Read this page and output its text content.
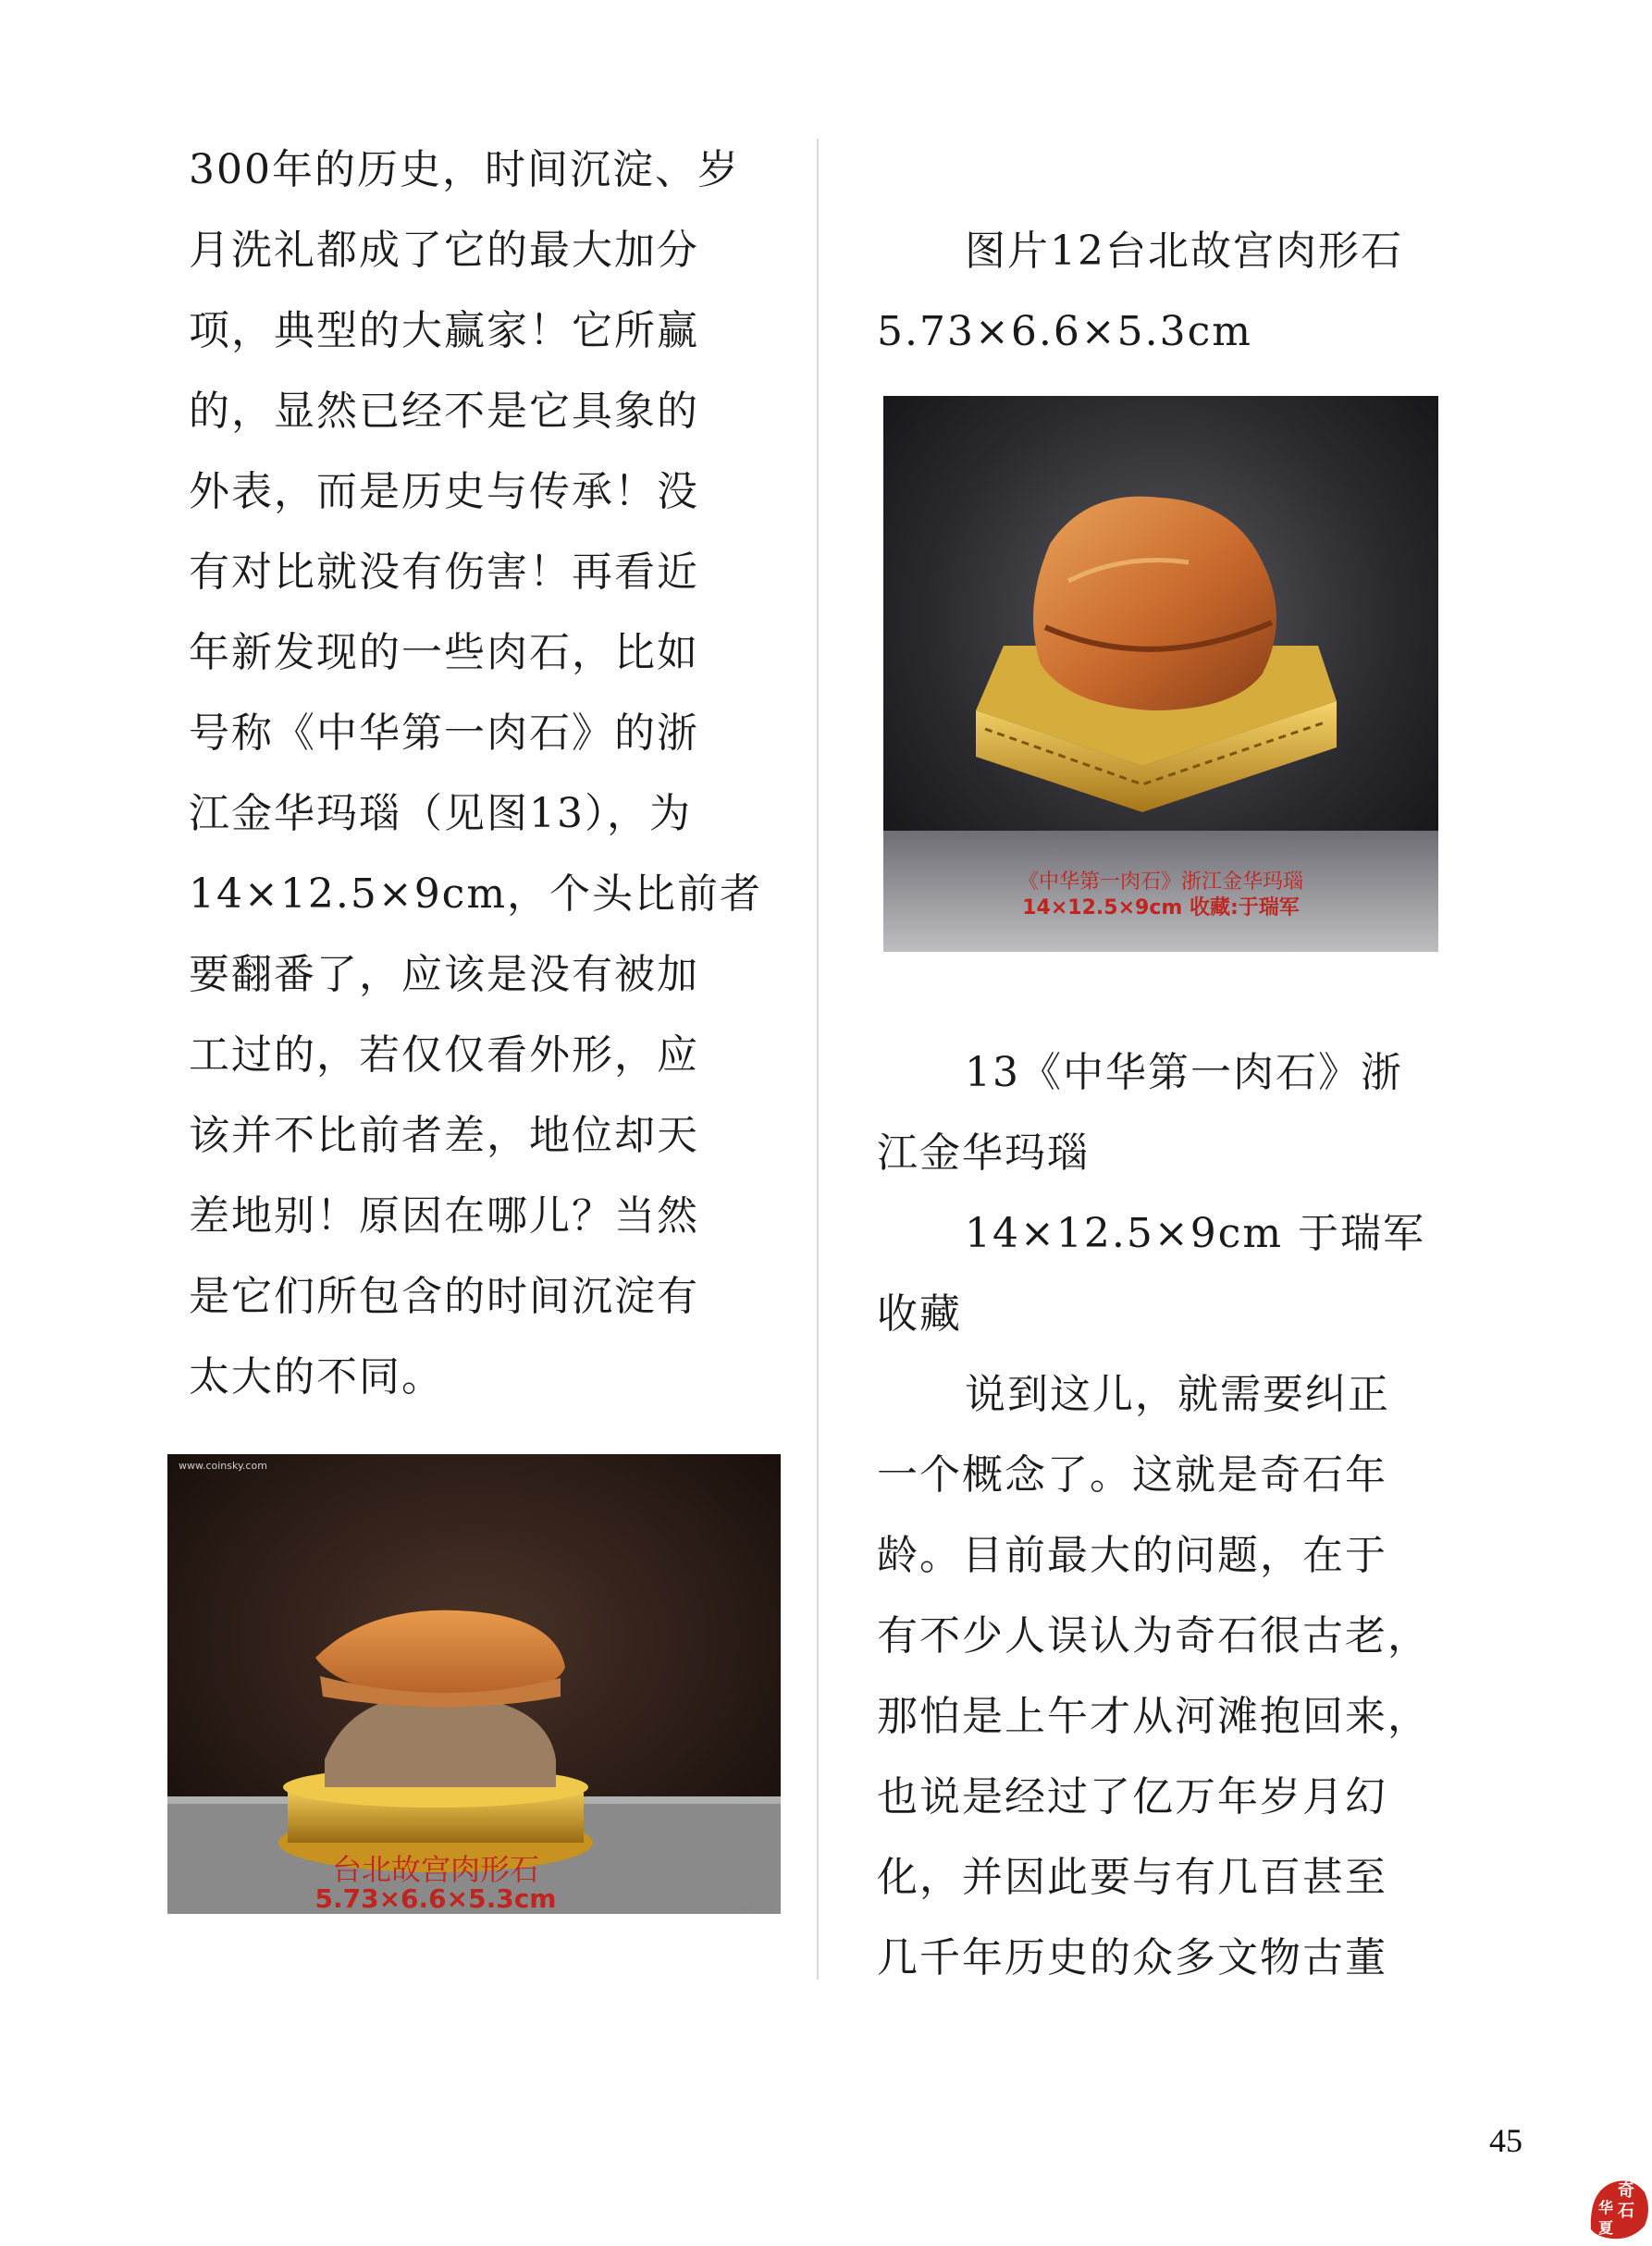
300年的历史，时间沉淀、岁
月洗礼都成了它的最大加分
项，典型的大赢家！它所赢
的，显然已经不是它具象的
外表，而是历史与传承！没
有对比就没有伤害！再看近
年新发现的一些肉石，比如
号称《中华第一肉石》的浙
江金华玛瑙（见图13），为
14×12.5×9cm，个头比前者
要翻番了，应该是没有被加
工过的，若仅仅看外形，应
该并不比前者差，地位却天
差地别！原因在哪儿？当然
是它们所包含的时间沉淀有
太大的不同。
www.coinsky.com
台北故宫肉形石
5.73×6.6×5.3cm	www.coinsky.com
图片12台北故宫肉形石
5.73×6.6×5.3cm
13《中华第一肉石》浙
江金华玛瑙
14×12.5×9cm 于瑞军
收藏
说到这儿，就需要纠正
一个概念了。这就是奇石年
龄。目前最大的问题，在于
有不少人误认为奇石很古老，
那怕是上午才从河滩抱回来，
也说是经过了亿万年岁月幻
化，并因此要与有几百甚至
几千年历史的众多文物古董
《中华第一肉石》浙江金华玛瑙
14×12.5×9cm 收藏:于瑞军
45
奇
石
华
夏
